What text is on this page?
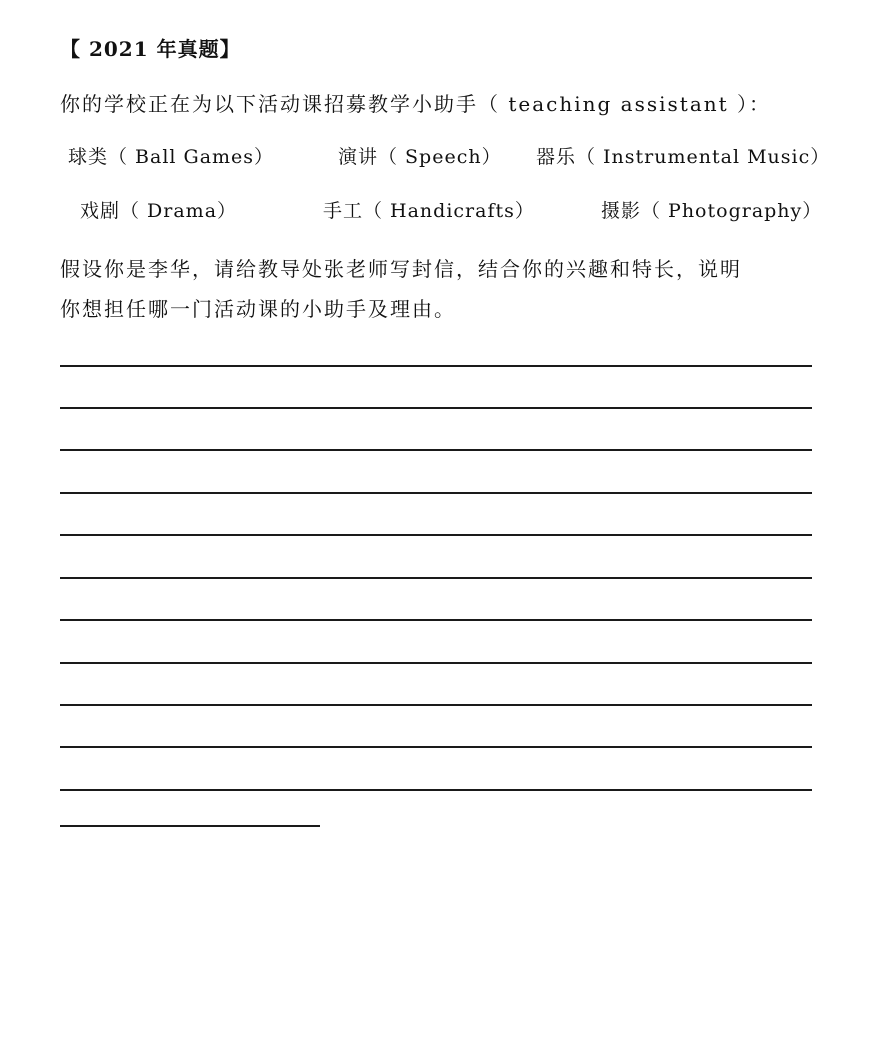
【 2021 年真题】
你的学校正在为以下活动课招募教学小助手（ teaching assistant ）：
球类（ Ball Games）	演讲（ Speech） 器乐（ Instrumental Music）
戏剧（ Drama）	手工（ Handicrafts）	摄影（ Photography）
假设你是李华，请给教导处张老师写封信，结合你的兴趣和特长，说明
你想担任哪一门活动课的小助手及理由。
